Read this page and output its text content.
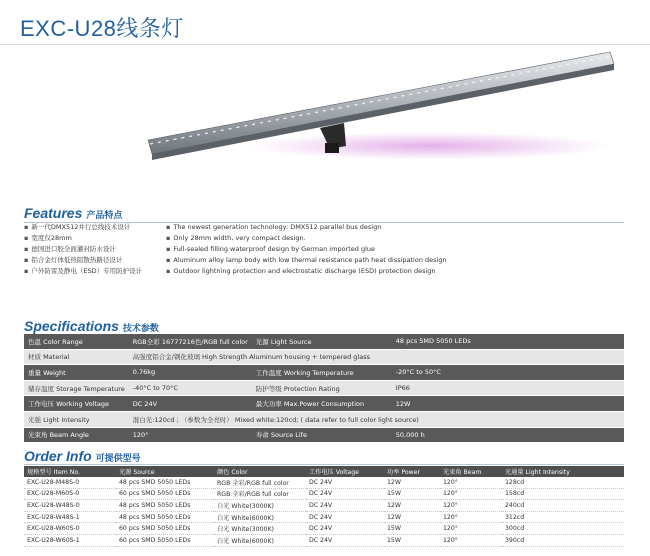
EXC-U28线条灯
Features 产品特点
▪ 新一代DMX512并行总线技术设计
▪ 宽度仅28mm
▪ 德国进口胶全面灌封防水设计
▪ 铝合金灯体低热阻散热路径设计
▪ 户外防雷及静电（ESD）专用防护设计
▪ The newest generation technology: DMX512 parallel bus design
▪ Only 28mm width, very compact design.
▪ Full-sealed filling waterproof design by German imported glue
▪ Aluminum alloy lamp body with low thermal resistance path heat dissipation design
▪ Outdoor lightning protection and electrostatic discharge (ESD) protection design
Specifications 技术参数
色温 Color Range	RGB全彩 16777216色/RGB full color	光源 Light Source	48 pcs SMD 5050 LEDs
材质 Material	高强度铝合金/钢化玻璃 High Strength Aluminum housing + tempered glass		
重量 Weight	0.76kg	工作温度 Working Temperature	-20°C to 50°C
储存温度 Storage Temperature	-40°C to 70°C	防护等级 Protection Rating	IP66
工作电压 Working Voltage	DC 24V	最大功率 Max.Power Consumption	12W
光强 Light Intensity	混白光:120cd ; （参数为全亮时） Mixed white:120cd; ( data refer to full color light source)		
光束角 Beam Angle	120°	寿命 Source Life	50,000 h
Order Info 可提供型号
规格型号 Item No.	光源 Source	颜色 Color	工作电压 Voltage	功率 Power	光束角 Beam	光通量 Light Intensity
EXC-U28-M48S-0	48 pcs SMD 5050 LEDs	RGB 全彩/RGB full color	DC 24V	12W	120°	128cd
EXC-U28-M60S-0	60 pcs SMD 5050 LEDs	RGB 全彩/RGB full color	DC 24V	15W	120°	158cd
EXC-U28-W48S-0	48 pcs SMD 5050 LEDs	白光 White(3000K)	DC 24V	12W	120°	240cd
EXC-U28-W48S-1	48 pcs SMD 5050 LEDs	白光 White(6000K)	DC 24V	12W	120°	312cd
EXC-U28-W60S-0	60 pcs SMD 5050 LEDs	白光 White(3000K)	DC 24V	15W	120°	300cd
EXC-U28-W60S-1	60 pcs SMD 5050 LEDs	白光 White(6000K)	DC 24V	15W	120°	390cd
